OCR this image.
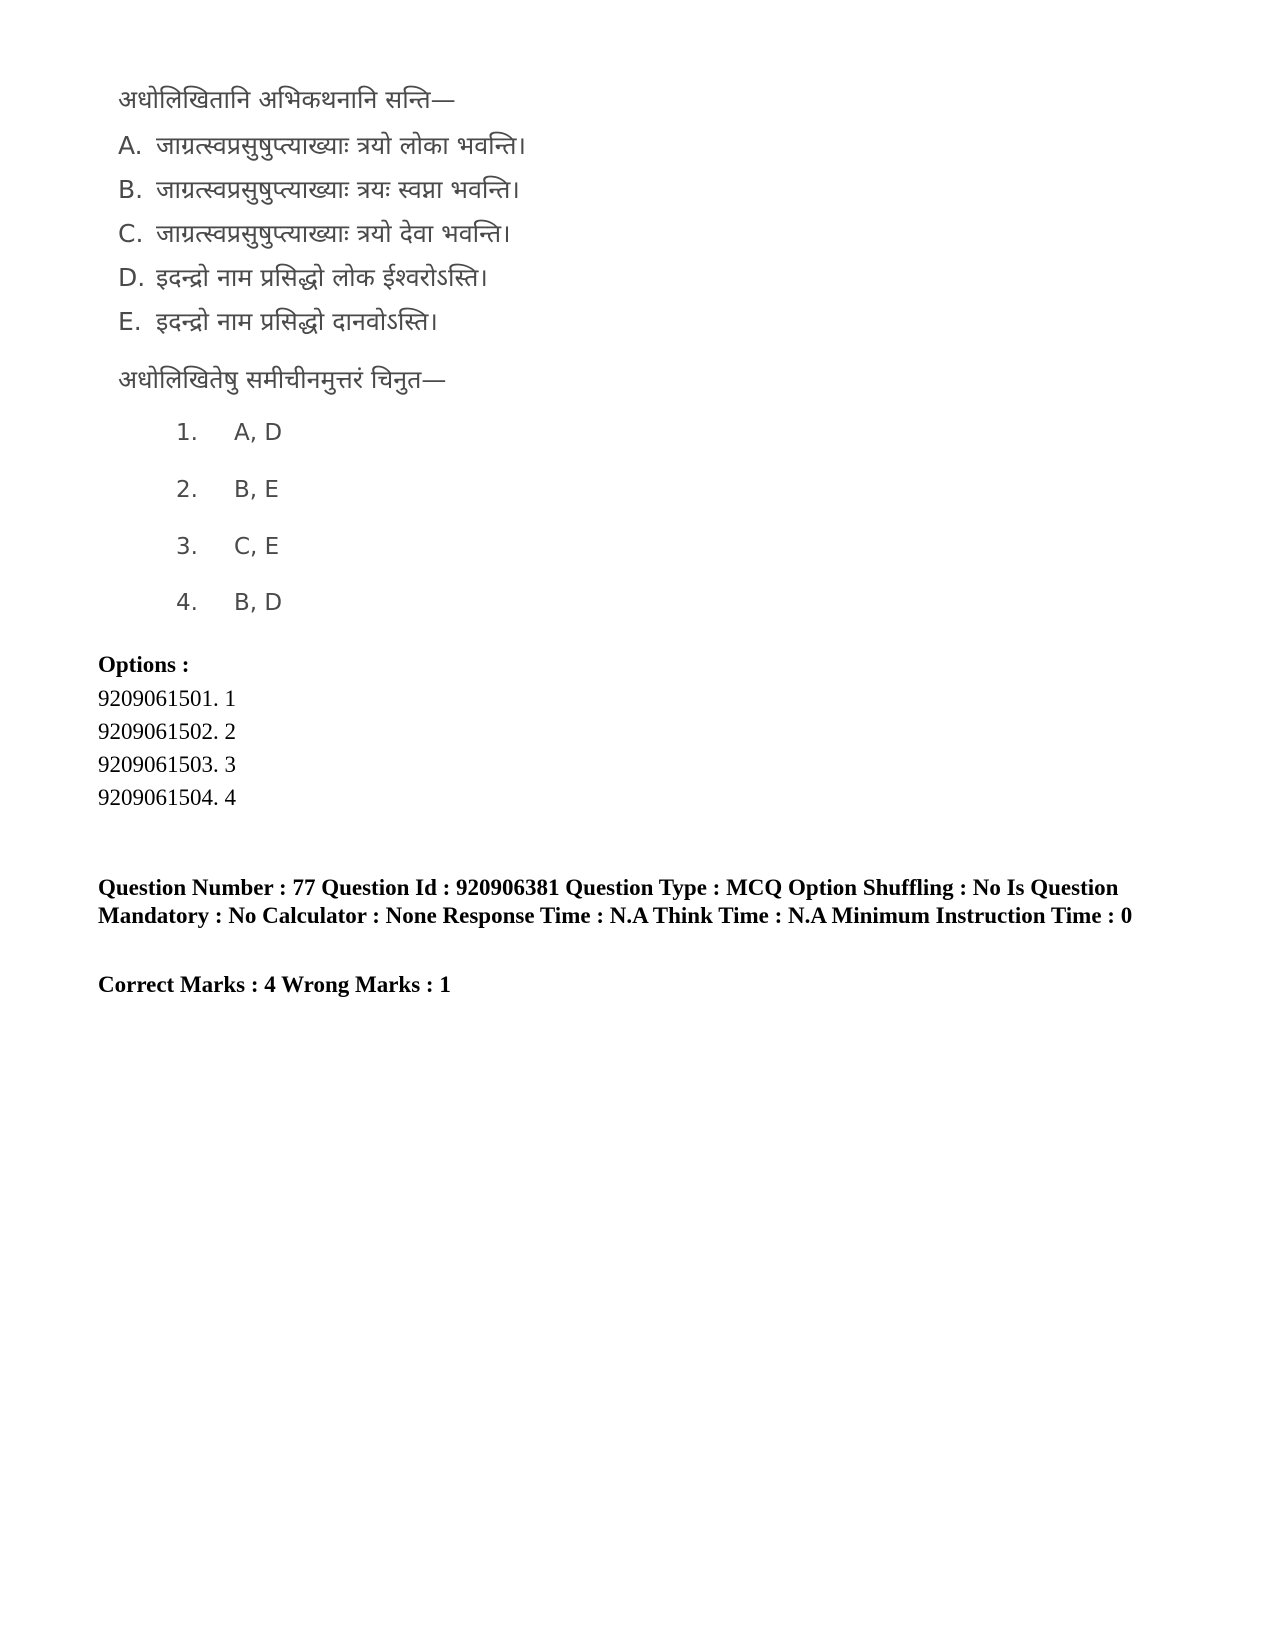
अधोलिखितानि अभिकथनानि सन्ति—
A. जाग्रत्स्वप्रसुषुप्त्याख्याः त्रयो लोका भवन्ति।
B. जाग्रत्स्वप्रसुषुप्त्याख्याः त्रयः स्वप्ना भवन्ति।
C. जाग्रत्स्वप्रसुषुप्त्याख्याः त्रयो देवा भवन्ति।
D. इदन्द्रो नाम प्रसिद्धो लोक ईश्वरोऽस्ति।
E. इदन्द्रो नाम प्रसिद्धो दानवोऽस्ति।
अधोलिखितेषु समीचीनमुत्तरं चिनुत—
1. A, D
2. B, E
3. C, E
4. B, D
Options :
9209061501. 1
9209061502. 2
9209061503. 3
9209061504. 4
Question Number : 77 Question Id : 920906381 Question Type : MCQ Option Shuffling : No Is Question Mandatory : No Calculator : None Response Time : N.A Think Time : N.A Minimum Instruction Time : 0
Correct Marks : 4 Wrong Marks : 1
